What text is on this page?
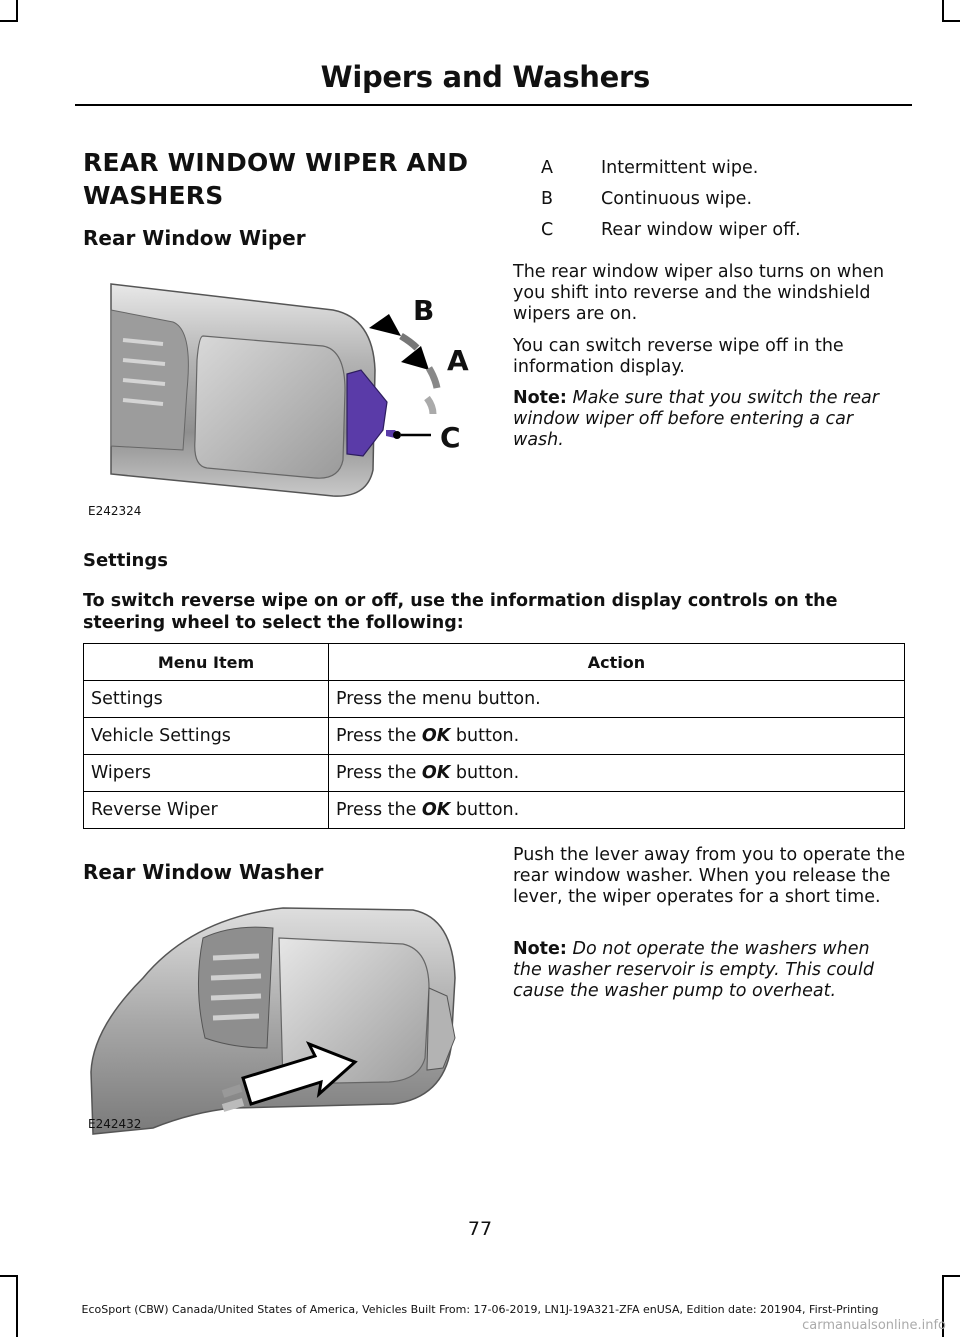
Wipers and Washers
REAR WINDOW WIPER AND WASHERS
Rear Window Wiper
B
A
C
E242324
A	Intermittent wipe.
B	Continuous wipe.
C	Rear window wiper off.

The rear window wiper also turns on when you shift into reverse and the windshield wipers are on.

You can switch reverse wipe off in the information display.

Note: Make sure that you switch the rear window wiper off before entering a car wash.

Settings
To switch reverse wipe on or off, use the information display controls on the steering wheel to select the following:
Menu Item	Action
Settings	Press the menu button.
Vehicle Settings	Press the OK button.
Wipers	Press the OK button.
Reverse Wiper	Press the OK button.
Rear Window Washer
E242432

Push the lever away from you to operate the rear window washer. When you release the lever, the wiper operates for a short time.

Note: Do not operate the washers when the washer reservoir is empty. This could cause the washer pump to overheat.

77
EcoSport (CBW) Canada/United States of America, Vehicles Built From: 17-06-2019, LN1J-19A321-ZFA enUSA, Edition date: 201904, First-Printing
carmanualsonline.info
